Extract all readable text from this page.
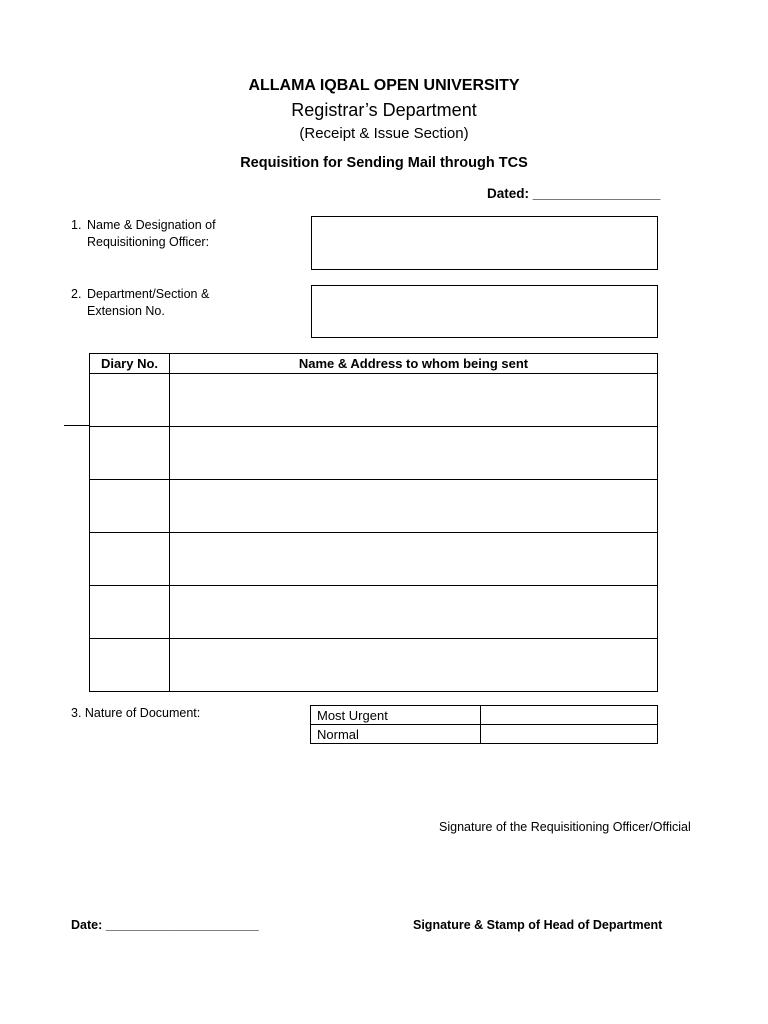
ALLAMA IQBAL OPEN UNIVERSITY
Registrar’s Department
(Receipt & Issue Section)
Requisition for Sending Mail through TCS
Dated: _________________
1. Name & Designation of
Requisitioning Officer:
2. Department/Section &
Extension No.
Diary No.	Name & Address to whom being sent

3. Nature of Document:	Most Urgent	
Normal	
Signature of the Requisitioning Officer/Official
Date: ______________________	Signature & Stamp of Head of Department
